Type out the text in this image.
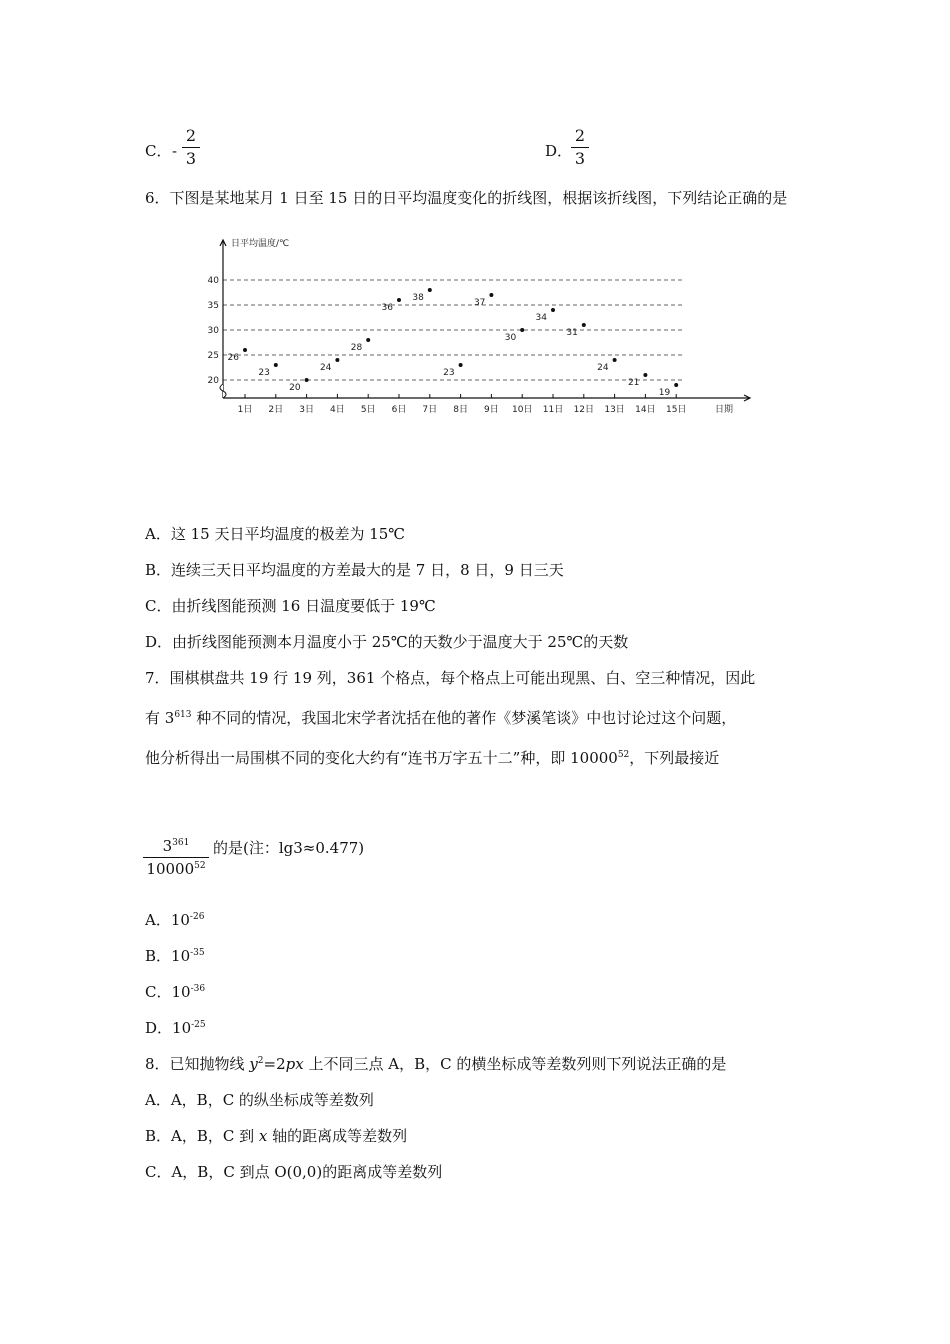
C． -
2
3	D．
2
3
6．下图是某地某月 1 日至 15 日的日平均温度变化的折线图，根据该折线图，下列结论正确的是
20
25
30
35
40
1日 2日 3日 4日 5日 6日 7日 8日 9日 10日 11日 12日 13日 14日 15日
26
23
20
24
28
36
38
23
37
30
34
31
24
21
19
日平均温度/℃
日期
A．这 15 天日平均温度的极差为 15℃
B．连续三天日平均温度的方差最大的是 7 日，8 日，9 日三天
C．由折线图能预测 16 日温度要低于 19℃
D．由折线图能预测本月温度小于 25℃的天数少于温度大于 25℃的天数
7．围棋棋盘共 19 行 19 列，361 个格点，每个格点上可能出现黑、白、空三种情况，因此
有 $3^{613}$ 种不同的情况，我国北宋学者沈括在他的著作《梦溪笔谈》中也讨论过这个问题，
他分析得出一局围棋不同的变化大约有“连书万字五十二”种，即 10000$^{52}$，下列最接近
$3^{361}$
10000$^{52}$
的是(注：lg3≈0.477)
A．$10^{-26}$
B．$10^{-35}$
C．$10^{-36}$
D．$10^{-25}$
8．已知抛物线 $y^2=2px$ 上不同三点 A，B，C 的横坐标成等差数列则下列说法正确的是
A．A，B，C 的纵坐标成等差数列
B．A，B，C 到 x 轴的距离成等差数列
C．A，B，C 到点 O(0,0)的距离成等差数列
